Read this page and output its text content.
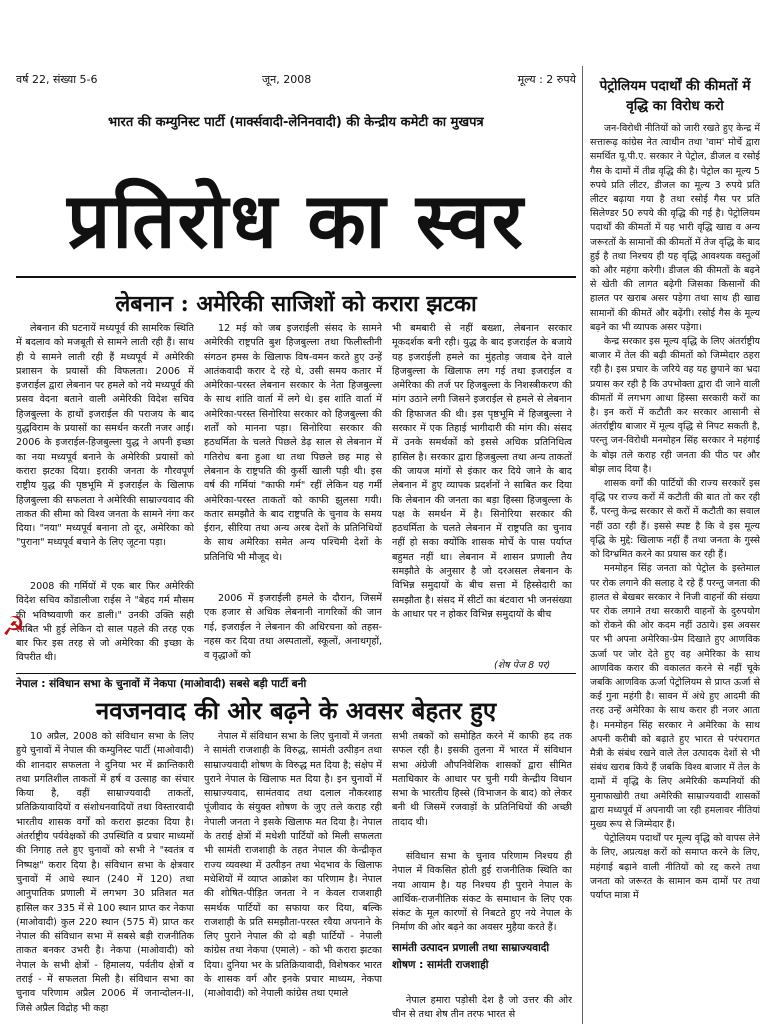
वर्ष 22, संख्या 5-6	जून, 2008	मूल्य : 2 रुपये
भारत की कम्युनिस्ट पार्टी (मार्क्सवादी-लेनिनवादी) की केन्द्रीय कमेटी का मुखपत्र
प्रतिरोध का स्वर
लेबनान : अमेरिकी साजिशों को करारा झटका

लेबनान की घटनायें मध्यपूर्व की सामरिक स्थिति में बदलाव को मजबूती से सामने लाती रही हैं। साथ ही ये सामने लाती रही हैं मध्यपूर्व में अमेरिकी प्रशासन के प्रयासों की विफलता। 2006 में इजराईल द्वारा लेबनान पर हमले को नये मध्यपूर्व की प्रसव वेदना बताने वाली अमेरिकी विदेश सचिव हिजबुल्ला के हाथों इजराईल की पराजय के बाद युद्धविराम के प्रयासों का समर्थन करती नजर आई। 2006 के इजराईल-हिजबुल्ला युद्ध ने अपनी इच्छा का नया मध्यपूर्व बनाने के अमेरिकी प्रयासों को करारा झटका दिया। इराकी जनता के गौरवपूर्ण राष्ट्रीय युद्ध की पृष्ठभूमि में इजराईल के खिलाफ हिजबुल्ला की सफलता ने अमेरिकी साम्राज्यवाद की ताकत की सीमा को विश्व जनता के सामने नंगा कर दिया। "नया" मध्यपूर्व बनाना तो दूर, अमेरिका को "पुराना" मध्यपूर्व बचाने के लिए जूटना पड़ा।

2008 की गर्मियों में एक बार फिर अमेरिकी विदेश सचिव कोंडालीजा राईस ने "बेहद गर्म मौसम की भविष्यवाणी कर डाली।" उनकी उक्ति सही साबित भी हुई लेकिन दो साल पहले की तरह एक बार फिर इस तरह से जो अमेरिका की इच्छा के विपरीत थी।

☭

12 मई को जब इजराईली संसद के सामने अमेरिकी राष्ट्रपति बुश हिजबुल्ला तथा फिलीस्तीनी संगठन हमस के खिलाफ विष-वमन करते हुए उन्हें आतंकवादी करार दे रहे थे, उसी समय कतार में अमेरिका-परस्त लेबनान सरकार के नेता हिजबुल्ला के साथ शांति वार्ता में लगे थे। इस शांति वार्ता में अमेरिका-परस्त सिनोरिया सरकार को हिजबुल्ला की शर्तों को मानना पड़ा। सिनोरिया सरकार की हठधर्मिता के चलते पिछले डेढ़ साल से लेबनान में गतिरोध बना हुआ था तथा पिछले छह माह से लेबनान के राष्ट्रपति की कुर्सी खाली पड़ी थी। इस वर्ष की गर्मियां "काफी गर्म" रहीं लेकिन यह गर्मी अमेरिका-परस्त ताकतों को काफी झुलसा गयी। कतार समझौते के बाद राष्ट्रपति के चुनाव के समय ईरान, सीरिया तथा अन्य अरब देशों के प्रतिनिधियों के साथ अमेरिका समेत अन्य पश्चिमी देशों के प्रतिनिधि भी मौजूद थे।

2006 में इजराईली हमले के दौरान, जिसमें एक हजार से अधिक लेबनानी नागरिकों की जान गई, इजराईल ने लेबनान की अधिरचना को तहस-नहस कर दिया तथा अस्पतालों, स्कूलों, अनाथगृहों, व वृद्धाओं को

भी बमबारी से नहीं बख्शा, लेबनान सरकार मूकदर्शक बनी रही। युद्ध के बाद इजराईल के बजाये यह इजराईली हमले का मुंहतोड़ जवाब देने वाले हिजबुल्ला के खिलाफ लग गई तथा इजराईल व अमेरिका की तर्ज पर हिजबुल्ला के निशस्त्रीकरण की मांग उठाने लगी जिसने इजराईल से हमले से लेबनान की हिफाजत की थी। इस पृष्ठभूमि में हिजबुल्ला ने सरकार में एक तिहाई भागीदारी की मांग की। संसद में उनके समर्थकों को इससे अधिक प्रतिनिधित्व हासिल है। सरकार द्वारा हिजबुल्ला तथा अन्य ताकतों की जायज मांगों से इंकार कर दिये जाने के बाद लेबनान में हुए व्यापक प्रदर्शनों ने साबित कर दिया कि लेबनान की जनता का बड़ा हिस्सा हिजबुल्ला के पक्ष के समर्थन में है। सिनोरिया सरकार की हठधर्मिता के चलते लेबनान में राष्ट्रपति का चुनाव नहीं हो सका क्योंकि शासक मोर्चे के पास पर्याप्त बहुमत नहीं था। लेबनान में शासन प्रणाली तैय समझौते के अनुसार है जो दरअसल लेबनान के विभिन्न समुदायों के बीच सत्ता में हिस्सेदारी का समझौता है। संसद में सीटों का बंटवारा भी जनसंख्या के आधार पर न होकर विभिन्न समुदायों के बीच

(शेष पेज 8 पर)
नेपाल : संविधान सभा के चुनावों में नेकपा (माओवादी) सबसे बड़ी पार्टी बनी
नवजनवाद की ओर बढ़ने के अवसर बेहतर हुए

10 अप्रैल, 2008 को संविधान सभा के लिए हुये चुनावों में नेपाल की कम्युनिस्ट पार्टी (माओवादी) की शानदार सफलता ने दुनिया भर में क्रान्तिकारी तथा प्रगतिशील ताकतों में हर्ष व उत्साह का संचार किया है, वहीं साम्राज्यवादी ताकतों, प्रतिक्रियावादियों व संशोधनवादियों तथा विस्तारवादी भारतीय शासक वर्गों को करारा झटका दिया है। अंतर्राष्ट्रीय पर्यवेक्षकों की उपस्थिति व प्रचार माध्यमों की निगाह तले हुए चुनावों को सभी ने "स्वतंत्र व निष्पक्ष" करार दिया है। संविधान सभा के क्षेत्रवार चुनावों में आधे स्थान (240 में 120) तथा आनुपातिक प्रणाली में लगभग 30 प्रतिशत मत हासिल कर 335 में से 100 स्थान प्राप्त कर नेकपा (माओवादी) कुल 220 स्थान (575 में) प्राप्त कर नेपाल की संविधान सभा में सबसे बड़ी राजनीतिक ताकत बनकर उभरी है। नेकपा (माओवादी) को नेपाल के सभी क्षेत्रों - हिमालय, पर्वतीय क्षेत्रों व तराई - में सफलता मिली है। संविधान सभा का चुनाव परिणाम अप्रैल 2006 में जनान्दोलन-II, जिसे अप्रैल विद्रोह भी कहा

नेपाल में संविधान सभा के लिए चुनावों में जनता ने सामंती राजशाही के विरुद्ध, सामंती उत्पीड़न तथा साम्राज्यवादी शोषण के विरुद्ध मत दिया है; संक्षेप में पुराने नेपाल के खिलाफ मत दिया है। इन चुनावों में साम्राज्यवाद, सामंतवाद तथा दलाल नौकरशाह पूंजीवाद के संयुक्त शोषण के जुए तले कराह रही नेपाली जनता ने इसके खिलाफ मत दिया है। नेपाल के तराई क्षेत्रों में मधेशी पार्टियों को मिली सफलता भी सामंती राजशाही के तहत नेपाल की केन्द्रीकृत राज्य व्यवस्था में उत्पीड़न तथा भेदभाव के खिलाफ मधेशियों में व्याप्त आक्रोश का परिणाम है। नेपाल की शोषित-पीड़ित जनता ने न केवल राजशाही समर्थक पार्टियों का सफाया कर दिया, बल्कि राजशाही के प्रति समझौता-परस्त रवैया अपनाने के लिए पुराने नेपाल की दो बड़ी पार्टियों - नेपाली कांग्रेस तथा नेकपा (एमाले) - को भी करारा झटका दिया। दुनिया भर के प्रतिक्रियावादी, विशेषकर भारत के शासक वर्ग और इनके प्रचार माध्यम, नेकपा (माओवादी) को नेपाली कांग्रेस तथा एमाले

सभी तबकों को समोहित करने में काफी हद तक सफल रही है। इसकी तुलना में भारत में संविधान सभा अंग्रेजी औपनिवेशिक शासकों द्वारा सीमित मताधिकार के आधार पर चुनी गयी केन्द्रीय विधान सभा के भारतीय हिस्से (विभाजन के बाद) को लेकर बनी थी जिसमें रजवाड़ों के प्रतिनिधियों की अच्छी तादाद थी।

संविधान सभा के चुनाव परिणाम निश्चय ही नेपाल में विकसित होती हुई राजनीतिक स्थिति का नया आयाम है। यह निश्चय ही पुराने नेपाल के आर्थिक-राजनीतिक संकट के समाधान के लिए एक संकट के मूल कारणों से निबटते हुए नये नेपाल के निर्माण की ओर बढ़ने का अवसर मुहैया करते हैं।

सामंती उत्पादन प्रणाली तथा साम्राज्यवादी शोषण : सामंती राजशाही

नेपाल हमारा पड़ोसी देश है जो उत्तर की ओर चीन से तथा शेष तीन तरफ भारत से

पेट्रोलियम पदार्थों की कीमतों में वृद्धि का विरोध करो

जन-विरोधी नीतियों को जारी रखते हुए केन्द्र में सत्तारूढ़ कांग्रेस नेत त्वाधीन तथा 'वाम' मोर्चे द्वारा समर्थित यू.पी.ए. सरकार ने पेट्रोल, डीजल व रसोई गैस के दामों में तीव्र वृद्धि की है। पेट्रोल का मूल्य 5 रुपये प्रति लीटर, डीजल का मूल्य 3 रुपये प्रति लीटर बढ़ाया गया है तथा रसोई गैस पर प्रति सिलेण्डर 50 रुपये की वृद्धि की गई है। पेट्रोलियम पदार्थों की कीमतों में यह भारी वृद्धि खाद्य व अन्य जरूरतों के सामानों की कीमतों में तेज वृद्धि के बाद हुई है तथा निश्चय ही यह वृद्धि आवश्यक वस्तुओं को और महंगा करेगी। डीजल की कीमतों के बढ़ने से खेती की लागत बढ़ेगी जिसका किसानों की हालत पर खराब असर पड़ेगा तथा साथ ही खाद्य सामानों की कीमतें और बढ़ेंगी। रसोई गैस के मूल्य बढ़ने का भी व्यापक असर पड़ेगा।

केन्द्र सरकार इस मूल्य वृद्धि के लिए अंतर्राष्ट्रीय बाजार में तेल की बढ़ी कीमतों को जिम्मेदार ठहरा रही है। इस प्रचार के जरिये वह यह छुपाने का भ्रदा प्रयास कर रही है कि उपभोक्ता द्वारा दी जाने वाली कीमतों में लगभग आधा हिस्सा सरकारी करों का है। इन करों में कटौती कर सरकार आसानी से अंतर्राष्ट्रीय बाजार में मूल्य वृद्धि से निपट सकती है, परन्तु जन-विरोधी मनमोहन सिंह सरकार ने महंगाई के बोझ तले कराह रही जनता की पीठ पर और बोझ लाद दिया है।

शासक वर्गों की पार्टियों की राज्य सरकारें इस वृद्धि पर राज्य करों में कटौती की बात तो कर रही हैं, परन्तु केन्द्र सरकार से करों में कटौती का सवाल नहीं उठा रही हैं। इससे स्पष्ट है कि वे इस मूल्य वृद्धि के मुद्दे: खिलाफ नहीं हैं तथा जनता के गुस्से को दिग्भ्रमित करने का प्रयास कर रही हैं।

मनमोहन सिंह जनता को पेट्रोल के इस्तेमाल पर रोक लगाने की सलाह दे रहे हैं परन्तु जनता की हालत से बेखबर सरकार ने निजी वाहनों की संख्या पर रोक लगाने तथा सरकारी वाहनों के दुरुपयोग को रोकने की ओर कदम नहीं उठाये। इस अवसर पर भी अपना अमेरिका-प्रेम दिखाते हुए आणविक ऊर्जा पर जोर देते हुए वह अमेरिका के साथ आणविक करार की वकालत करने से नहीं चूके जबकि आणविक ऊर्जा पेट्रोलियम से प्राप्त ऊर्जा से कई गुना महंगी है। सावन में अंधे हुए आदमी की तरह उन्हें अमेरिका के साथ करार ही नजर आता है। मनमोहन सिंह सरकार ने अमेरिका के साथ अपनी करीबी को बढ़ाते हुए भारत से परंपरागत मैत्री के संबंध रखने वाले तेल उत्पादक देशों से भी संबंध खराब किये हैं जबकि विश्व बाजार में तेल के दामों में वृद्धि के लिए अमेरिकी कम्पनियों की मुनाफाखोरी तथा अमेरिकी साम्राज्यवादी शासकों द्वारा मध्यपूर्व में अपनायी जा रही हमलावर नीतियां मुख्य रूप से जिम्मेदार हैं।

पेट्रोलियम पदार्थों पर मूल्य वृद्धि को वापस लेने के लिए, अप्रत्यक्ष करों को समाप्त करने के लिए, महंगाई बढ़ाने वाली नीतियों को रद्द करने तथा जनता को जरूरत के सामान कम दामों पर तथा पर्याप्त मात्रा में
